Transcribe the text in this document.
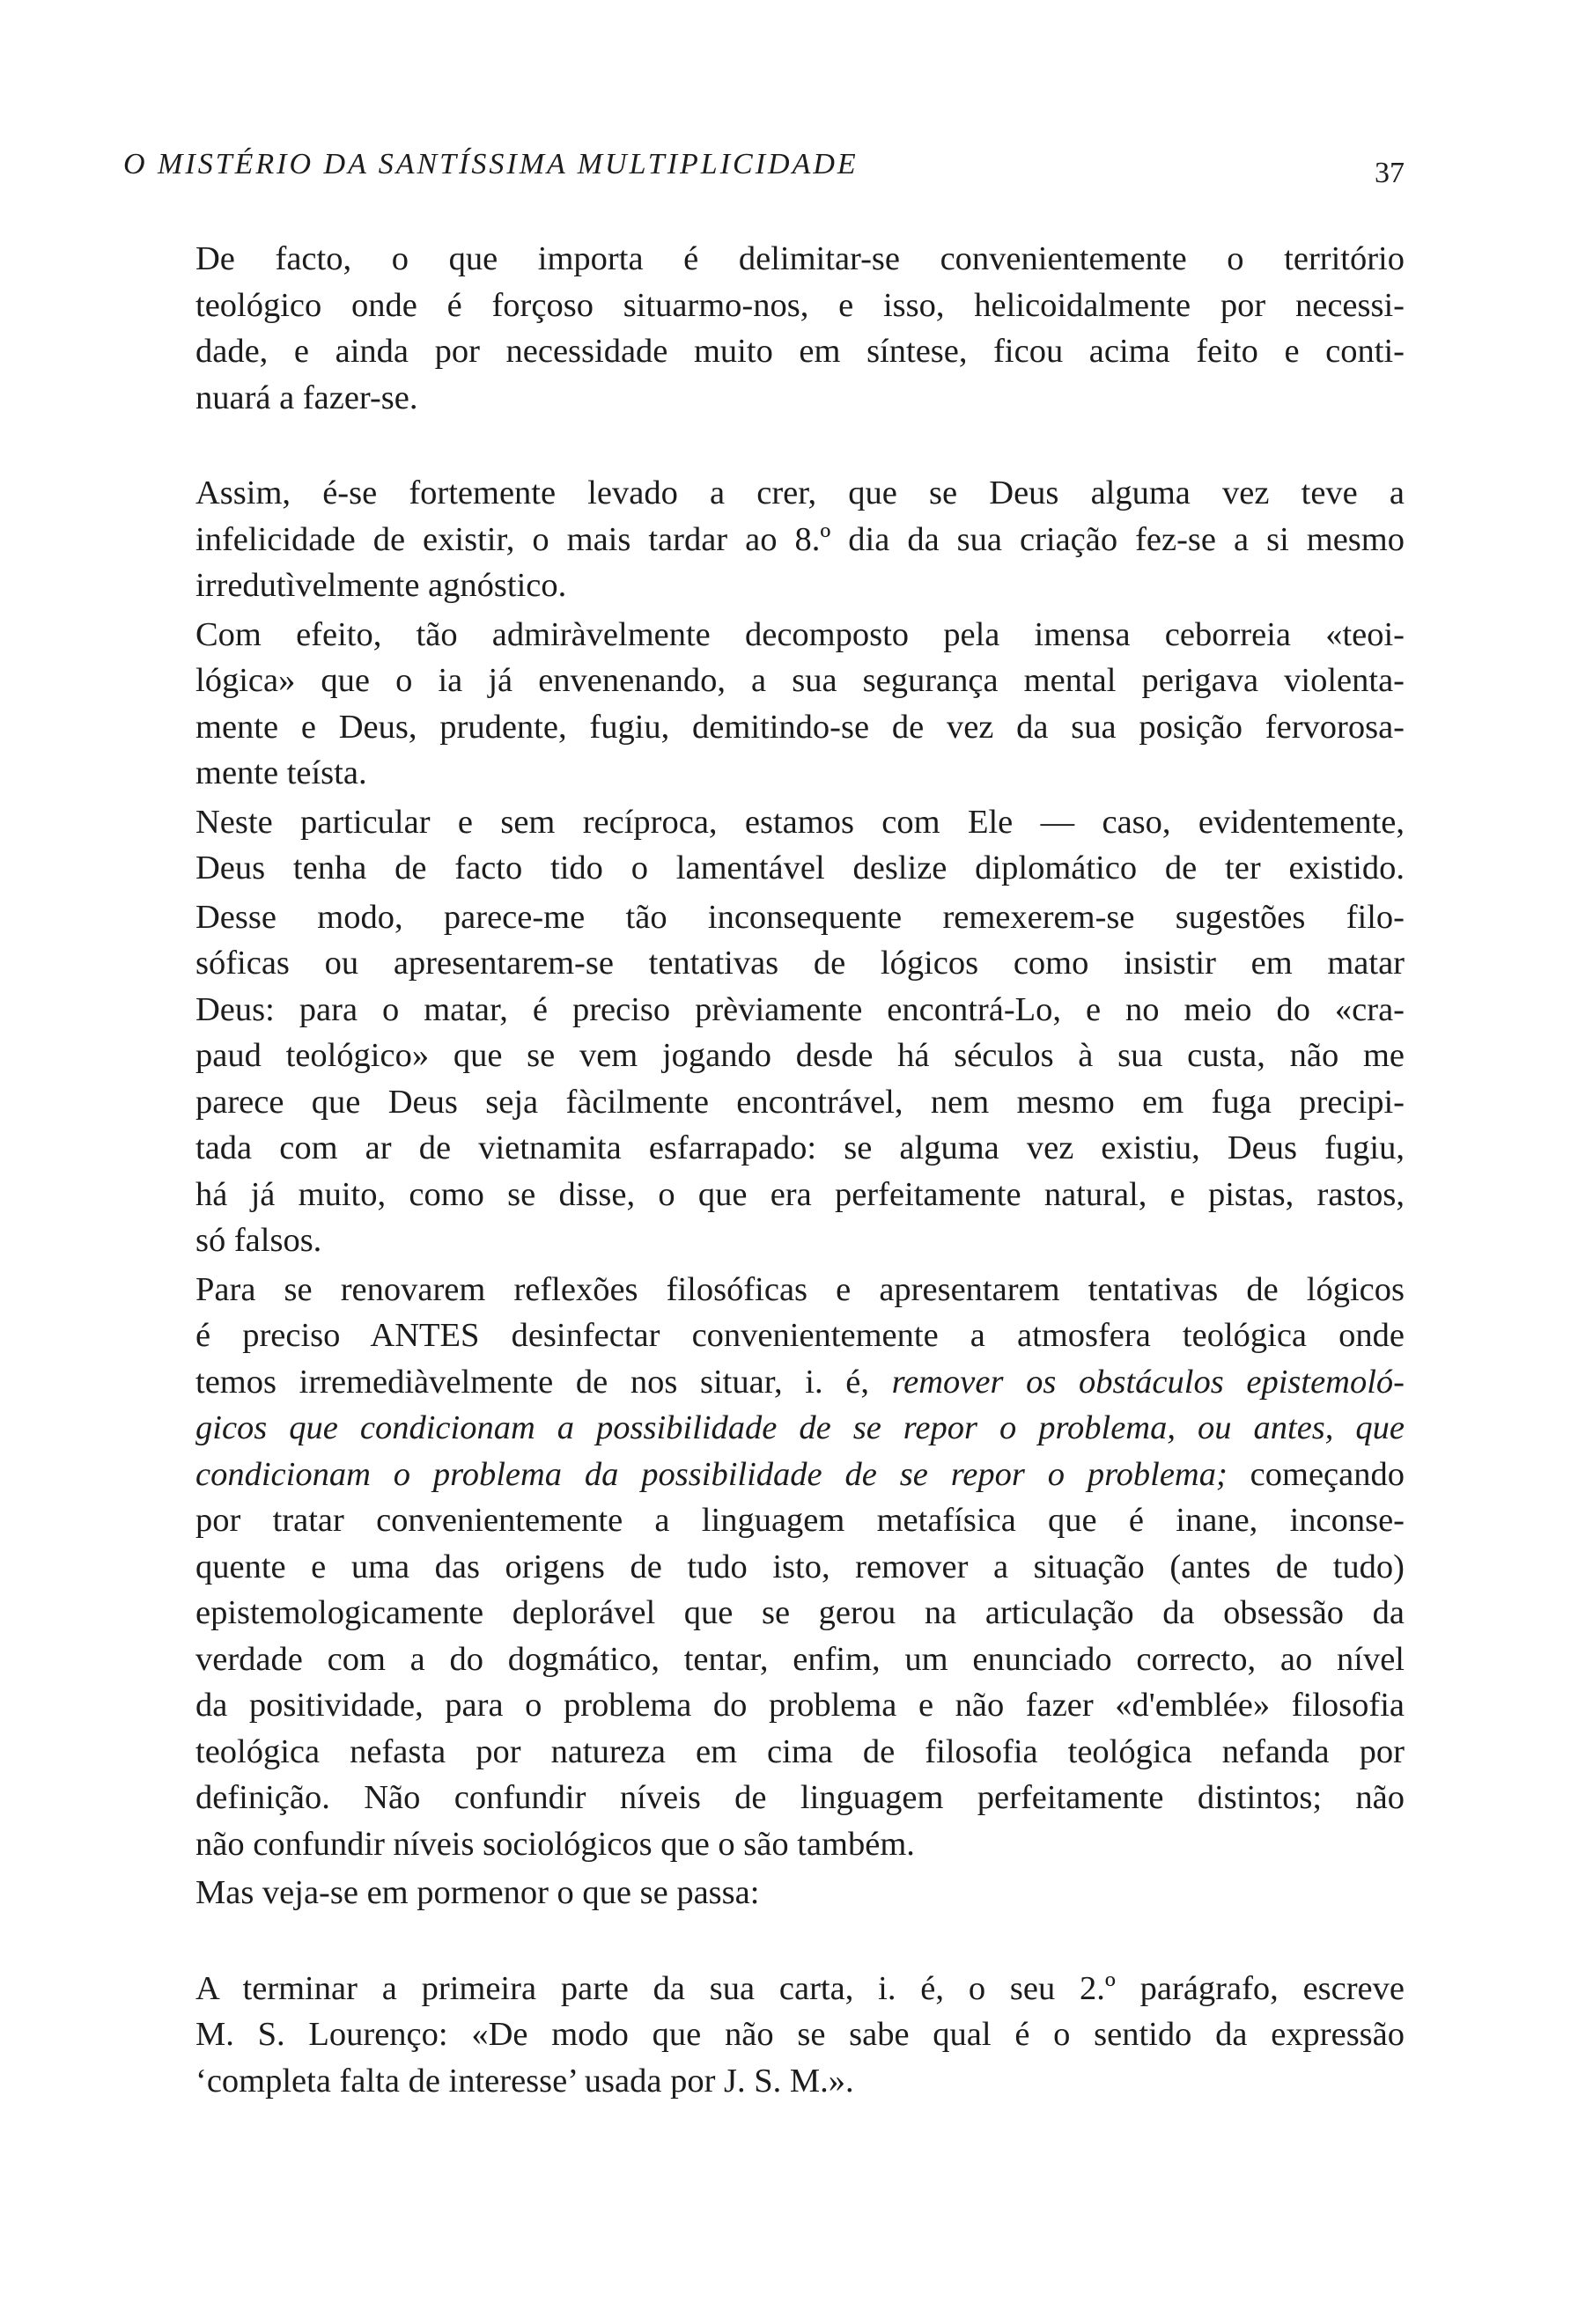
O MISTÉRIO DA SANTÍSSIMA MULTIPLICIDADE	37

De facto, o que importa é delimitar-se convenientemente o território
teológico onde é forçoso situarmo-nos, e isso, helicoidalmente por necessi-
dade, e ainda por necessidade muito em síntese, ficou acima feito e conti-
nuará a fazer-se.

Assim, é-se fortemente levado a crer, que se Deus alguma vez teve a
infelicidade de existir, o mais tardar ao 8.º dia da sua criação fez-se a si mesmo
irredutìvelmente agnóstico.

Com efeito, tão admiràvelmente decomposto pela imensa ceborreia «teoi-
lógica» que o ia já envenenando, a sua segurança mental perigava violenta-
mente e Deus, prudente, fugiu, demitindo-se de vez da sua posição fervorosa-
mente teísta.

Neste particular e sem recíproca, estamos com Ele — caso, evidentemente,
Deus tenha de facto tido o lamentável deslize diplomático de ter existido.

Desse modo, parece-me tão inconsequente remexerem-se sugestões filo-
sóficas ou apresentarem-se tentativas de lógicos como insistir em matar
Deus: para o matar, é preciso prèviamente encontrá-Lo, e no meio do «cra-
paud teológico» que se vem jogando desde há séculos à sua custa, não me
parece que Deus seja fàcilmente encontrável, nem mesmo em fuga precipi-
tada com ar de vietnamita esfarrapado: se alguma vez existiu, Deus fugiu,
há já muito, como se disse, o que era perfeitamente natural, e pistas, rastos,
só falsos.

Para se renovarem reflexões filosóficas e apresentarem tentativas de lógicos
é preciso ANTES desinfectar convenientemente a atmosfera teológica onde
temos irremediàvelmente de nos situar, i. é, remover os obstáculos epistemoló-
gicos que condicionam a possibilidade de se repor o problema, ou antes, que
condicionam o problema da possibilidade de se repor o problema; começando
por tratar convenientemente a linguagem metafísica que é inane, inconse-
quente e uma das origens de tudo isto, remover a situação (antes de tudo)
epistemologicamente deplorável que se gerou na articulação da obsessão da
verdade com a do dogmático, tentar, enfim, um enunciado correcto, ao nível
da positividade, para o problema do problema e não fazer «d'emblée» filosofia
teológica nefasta por natureza em cima de filosofia teológica nefanda por
definição. Não confundir níveis de linguagem perfeitamente distintos; não
não confundir níveis sociológicos que o são também.

Mas veja-se em pormenor o que se passa:

A terminar a primeira parte da sua carta, i. é, o seu 2.º parágrafo, escreve
M. S. Lourenço: «De modo que não se sabe qual é o sentido da expressão
‘completa falta de interesse’ usada por J. S. M.».
